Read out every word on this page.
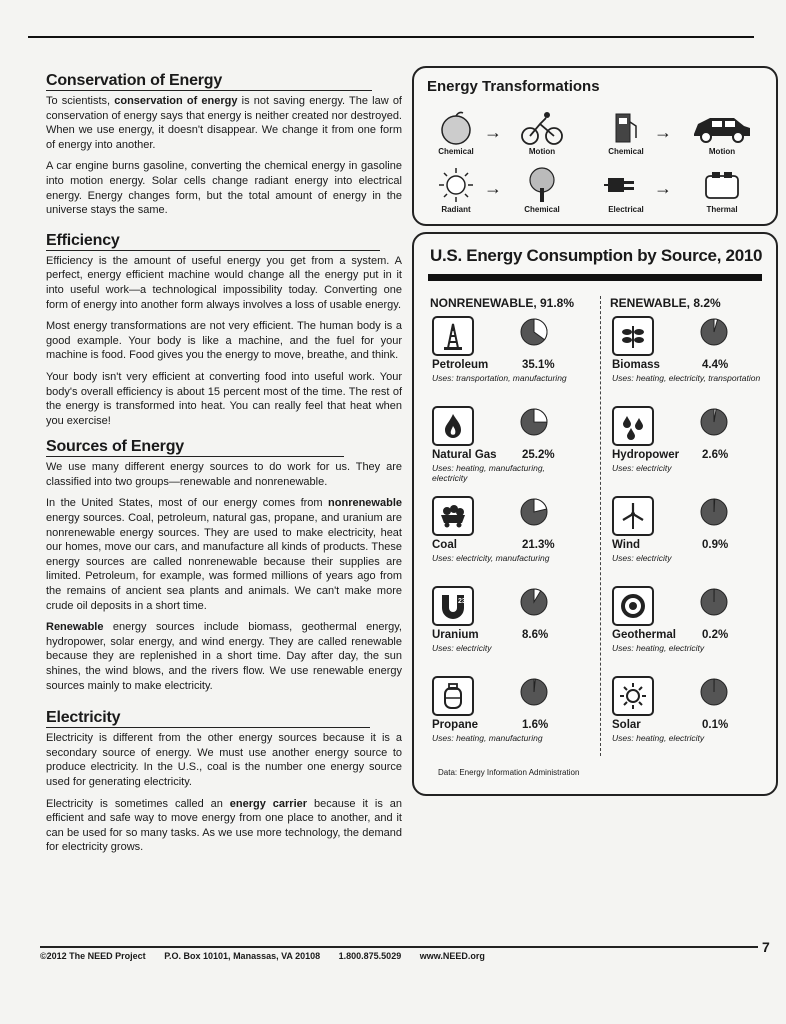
Conservation of Energy

To scientists, conservation of energy is not saving energy. The law of conservation of energy says that energy is neither created nor destroyed. When we use energy, it doesn't disappear. We change it from one form of energy into another.

A car engine burns gasoline, converting the chemical energy in gasoline into motion energy. Solar cells change radiant energy into electrical energy. Energy changes form, but the total amount of energy in the universe stays the same.

Efficiency

Efficiency is the amount of useful energy you get from a system. A perfect, energy efficient machine would change all the energy put in it into useful work—a technological impossibility today. Converting one form of energy into another form always involves a loss of usable energy.

Most energy transformations are not very efficient. The human body is a good example. Your body is like a machine, and the fuel for your machine is food. Food gives you the energy to move, breathe, and think.

Your body isn't very efficient at converting food into useful work. Your body's overall efficiency is about 15 percent most of the time. The rest of the energy is transformed into heat. You can really feel that heat when you exercise!

Sources of Energy

We use many different energy sources to do work for us. They are classified into two groups—renewable and nonrenewable.

In the United States, most of our energy comes from nonrenewable energy sources. Coal, petroleum, natural gas, propane, and uranium are nonrenewable energy sources. They are used to make electricity, heat our homes, move our cars, and manufacture all kinds of products. These energy sources are called nonrenewable because their supplies are limited. Petroleum, for example, was formed millions of years ago from the remains of ancient sea plants and animals. We can't make more crude oil deposits in a short time.

Renewable energy sources include biomass, geothermal energy, hydropower, solar energy, and wind energy. They are called renewable because they are replenished in a short time. Day after day, the sun shines, the wind blows, and the rivers flow. We use renewable energy sources mainly to make electricity.

Electricity

Electricity is different from the other energy sources because it is a secondary source of energy. We must use another energy source to produce electricity. In the U.S., coal is the number one energy source used for generating electricity.

Electricity is sometimes called an energy carrier because it is an efficient and safe way to move energy from one place to another, and it can be used for so many tasks. As we use more technology, the demand for electricity grows.

Energy Transformations
Chemical
→
Motion	Chemical
→
Motion
Radiant
→
Chemical	Electrical
→
Thermal
U.S. Energy Consumption by Source, 2010
NONRENEWABLE, 91.8%	RENEWABLE, 8.2%
Petroleum	35.1%
Uses: transportation, manufacturing
Natural Gas 25.2%
Uses: heating, manufacturing, electricity
Coal	21.3%
Uses: electricity, manufacturing
235
Uranium	8.6%
Uses: electricity
Propane	1.6%
Uses: heating, manufacturing
Biomass	4.4%
Uses: heating, electricity, transportation
Hydropower 2.6%
Uses: electricity
Wind	0.9%
Uses: electricity
Geothermal 0.2%
Uses: heating, electricity
Solar	0.1%
Uses: heating, electricity
Data: Energy Information Administration
©2012 The NEED Project P.O. Box 10101, Manassas, VA 20108 1.800.875.5029 www.NEED.org
7
